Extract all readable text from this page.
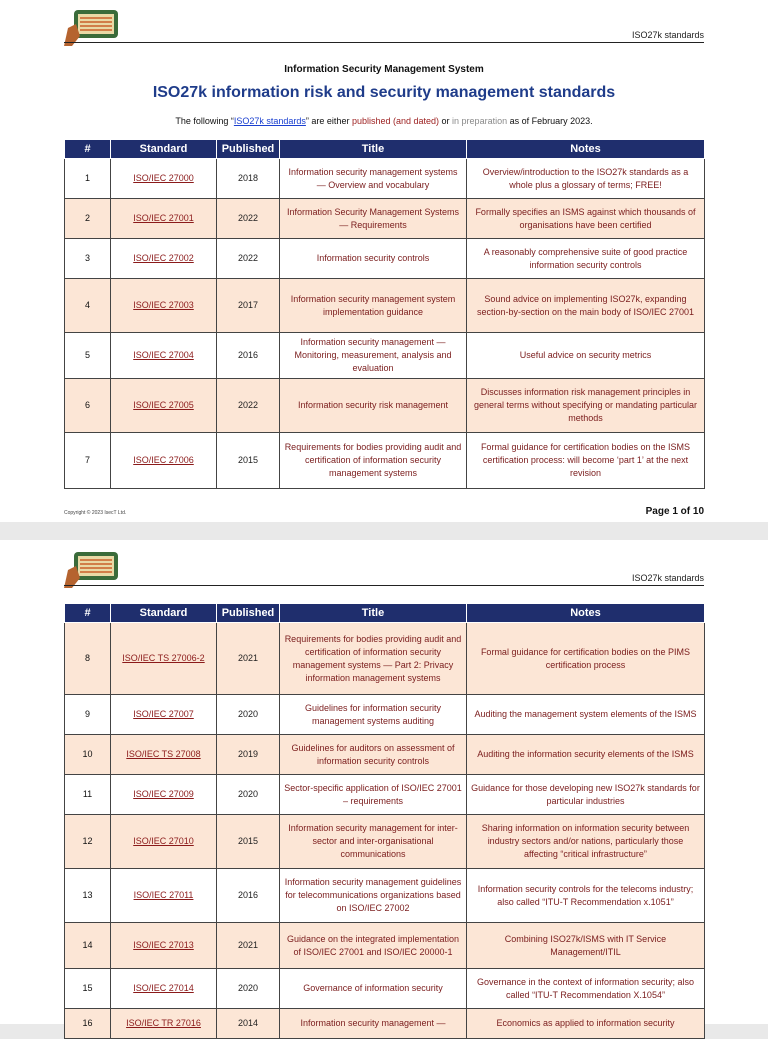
ISO27k standards
Information Security Management System
ISO27k information risk and security management standards
The following “ISO27k standards” are either published (and dated) or in preparation as of February 2023.
#	Standard	Published	Title	Notes
1	ISO/IEC 27000	2018	Information security management systems — Overview and vocabulary	Overview/introduction to the ISO27k standards as a whole plus a glossary of terms; FREE!
2	ISO/IEC 27001	2022	Information Security Management Systems — Requirements	Formally specifies an ISMS against which thousands of organisations have been certified
3	ISO/IEC 27002	2022	Information security controls	A reasonably comprehensive suite of good practice information security controls
4	ISO/IEC 27003	2017	Information security management system implementation guidance	Sound advice on implementing ISO27k, expanding section-by-section on the main body of ISO/IEC 27001
5	ISO/IEC 27004	2016	Information security management — Monitoring, measurement, analysis and evaluation	Useful advice on security metrics
6	ISO/IEC 27005	2022	Information security risk management	Discusses information risk management principles in general terms without specifying or mandating particular methods
7	ISO/IEC 27006	2015	Requirements for bodies providing audit and certification of information security management systems	Formal guidance for certification bodies on the ISMS certification process: will become ‘part 1’ at the next revision
Copyright © 2023 IsecT Ltd.	Page 1 of 10
ISO27k standards
#	Standard	Published	Title	Notes
8	ISO/IEC TS 27006-2	2021	Requirements for bodies providing audit and certification of information security management systems — Part 2: Privacy information management systems	Formal guidance for certification bodies on the PIMS certification process
9	ISO/IEC 27007	2020	Guidelines for information security management systems auditing	Auditing the management system elements of the ISMS
10	ISO/IEC TS 27008	2019	Guidelines for auditors on assessment of information security controls	Auditing the information security elements of the ISMS
11	ISO/IEC 27009	2020	Sector-specific application of ISO/IEC 27001 – requirements	Guidance for those developing new ISO27k standards for particular industries
12	ISO/IEC 27010	2015	Information security management for inter-sector and inter-organisational communications	Sharing information on information security between industry sectors and/or nations, particularly those affecting “critical infrastructure”
13	ISO/IEC 27011	2016	Information security management guidelines for telecommunications organizations based on ISO/IEC 27002	Information security controls for the telecoms industry; also called “ITU-T Recommendation x.1051”
14	ISO/IEC 27013	2021	Guidance on the integrated implementation of ISO/IEC 27001 and ISO/IEC 20000-1	Combining ISO27k/ISMS with IT Service Management/ITIL
15	ISO/IEC 27014	2020	Governance of information security	Governance in the context of information security; also called “ITU-T Recommendation X.1054”
16	ISO/IEC TR 27016	2014	Information security management —	Economics as applied to information security
